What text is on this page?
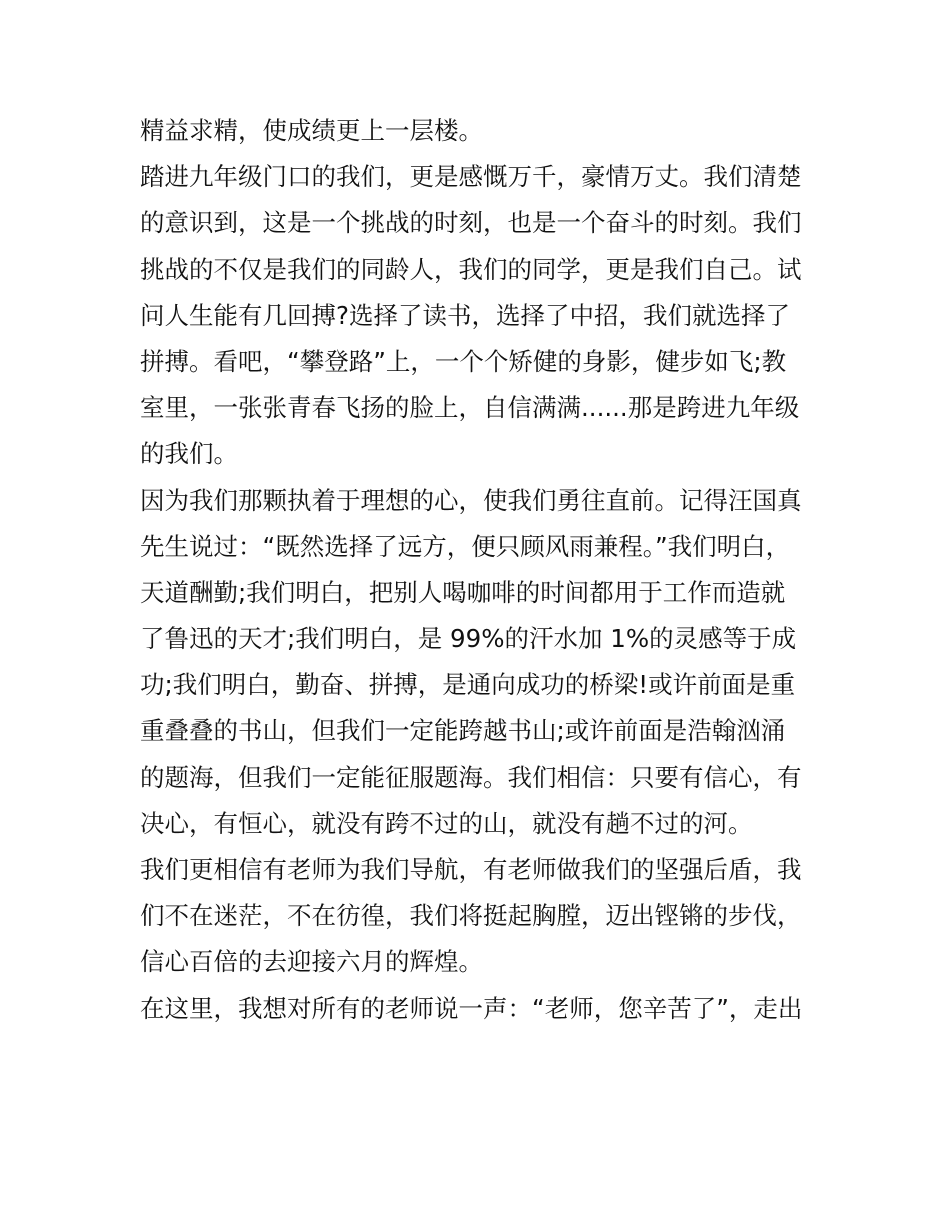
精益求精，使成绩更上一层楼。
踏进九年级门口的我们，更是感慨万千，豪情万丈。我们清楚
的意识到，这是一个挑战的时刻，也是一个奋斗的时刻。我们
挑战的不仅是我们的同龄人，我们的同学，更是我们自己。试
问人生能有几回搏?选择了读书，选择了中招，我们就选择了
拼搏。看吧，“攀登路”上，一个个矫健的身影，健步如飞;教
室里，一张张青春飞扬的脸上，自信满满......那是跨进九年级
的我们。
因为我们那颗执着于理想的心，使我们勇往直前。记得汪国真
先生说过：“既然选择了远方，便只顾风雨兼程。”我们明白，
天道酬勤;我们明白，把别人喝咖啡的时间都用于工作而造就
了鲁迅的天才;我们明白，是 99%的汗水加 1%的灵感等于成
功;我们明白，勤奋、拼搏，是通向成功的桥梁!或许前面是重
重叠叠的书山，但我们一定能跨越书山;或许前面是浩翰汹涌
的题海，但我们一定能征服题海。我们相信：只要有信心，有
决心，有恒心，就没有跨不过的山，就没有趟不过的河。
我们更相信有老师为我们导航，有老师做我们的坚强后盾，我
们不在迷茫，不在彷徨，我们将挺起胸膛，迈出铿锵的步伐，
信心百倍的去迎接六月的辉煌。
在这里，我想对所有的老师说一声：“老师，您辛苦了”，走出
